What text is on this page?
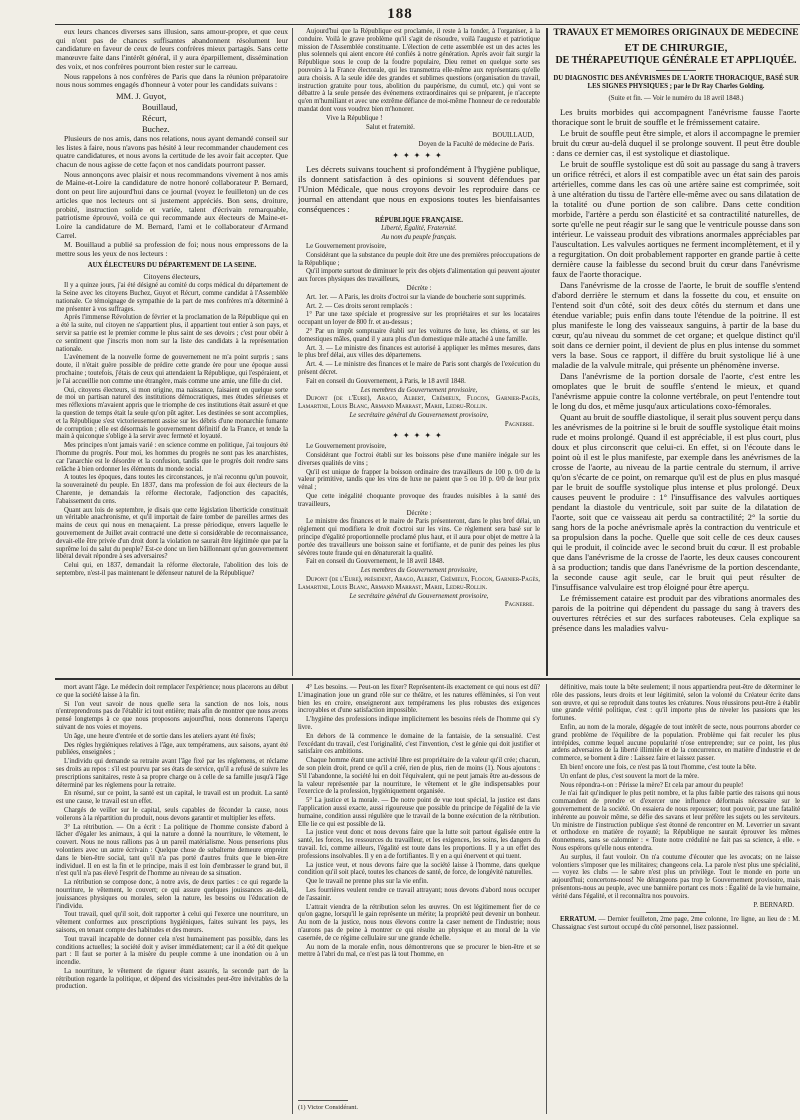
188

eux leurs chances diverses sans illusion, sans amour-propre, et que ceux qui n'ont pas de chances suffisantes abandonnent résolument leur candidature en faveur de ceux de leurs confrères mieux partagés. Sans cette manœuvre faite dans l'intérêt général, il y aura éparpillement, dissémination des voix, et nos confrères pourront bien rester sur le carreau.

Nous rappelons à nos confrères de Paris que dans la réunion préparatoire nous nous sommes engagés d'honneur à voter pour les candidats suivans :

MM. J. Guyot,

Bouillaud,

Récurt,

Buchez.

Plusieurs de nos amis, dans nos relations, nous ayant demandé conseil sur les listes à faire, nous n'avons pas hésité à leur recommander chaudement ces quatre candidatures, et nous avons la certitude de les avoir fait accepter. Que chacun de nous agisse de cette façon et nos candidats pourront passer.

Nous annonçons avec plaisir et nous recommandons vivement à nos amis de Maine-et-Loire la candidature de notre honoré collaborateur P. Bernard, dont on peut lire aujourd'hui dans ce journal (voyez le feuilleton) un de ces articles que nos lecteurs ont si justement appréciés. Bon sens, droiture, probité, instruction solide et variée, talent d'écrivain remarquable, patriotisme éprouvé, voilà ce qui recommande aux électeurs de Maine-et-Loire la candidature de M. Bernard, l'ami et le collaborateur d'Armand Carrel.

M. Bouillaud a publié sa profession de foi; nous nous empressons de la mettre sous les yeux de nos lecteurs :

AUX ÉLECTEURS DU DÉPARTEMENT DE LA SEINE.

Citoyens électeurs,

Il y a quinze jours, j'ai été désigné au comité du corps médical du département de la Seine avec les citoyens Buchez, Guyot et Récurt, comme candidat à l'Assemblée nationale. Ce témoignage de sympathie de la part de mes confrères m'a déterminé à me présenter à vos suffrages.

Après l'immense Révolution de février et la proclamation de la République qui en a été la suite, nul citoyen ne s'appartient plus, il appartient tout entier à son pays, et servir sa patrie est le premier comme le plus saint de ses devoirs ; c'est pour obéir à ce sentiment que j'inscris mon nom sur la liste des candidats à la représentation nationale.

L'avènement de la nouvelle forme de gouvernement ne m'a point surpris ; sans doute, il n'était guère possible de prédire cette grande ère pour une époque aussi prochaine ; toutefois, j'étais de ceux qui attendaient la République, qui l'espéraient, et je l'ai accueillie non comme une étrangère, mais comme une amie, une fille du ciel.

Oui, citoyens électeurs, si mon origine, ma naissance, faisaient en quelque sorte de moi un partisan naturel des institutions démocratiques, mes études sérieuses et mes réflexions m'avaient appris que le triomphe de ces institutions était assuré et que la question de temps était la seule qu'on pût agiter. Les destinées se sont accomplies, et la République s'est victorieusement assise sur les débris d'une monarchie fumante de corruption ; elle est désormais le gouvernement définitif de la France, et tende la main à quiconque s'oblige à la servir avec fermeté et loyauté.

Mes principes n'ont jamais varié : en science comme en politique, j'ai toujours été l'homme du progrès. Pour moi, les hommes du progrès ne sont pas les anarchistes, car l'anarchie est le désordre et la confusion, tandis que le progrès doit rendre sans relâche à bien ordonner les éléments du monde social.

A toutes les époques, dans toutes les circonstances, je n'ai reconnu qu'un pouvoir, la souveraineté du peuple. En 1837, dans ma profession de foi aux électeurs de la Charente, je demandais la réforme électorale, l'adjonction des capacités, l'abaissement du cens.

Quant aux lois de septembre, je disais que cette législation liberticide constituait un véritable anachronisme, et qu'il importait de faire tomber de pareilles armes des mains de ceux qui nous en menaçaient. La presse périodique, envers laquelle le gouvernement de Juillet avait contracté une dette si considérable de reconnaissance, devait-elle être privée d'un droit dont la violation ne saurait être légitimée que par la suprême loi du salut du peuple? Est-ce donc un lien bâillonnant qu'un gouvernement libéral devait répondre à ses adversaires?

Celui qui, en 1837, demandait la réforme électorale, l'abolition des lois de septembre, n'est-il pas maintenant le défenseur naturel de la République?

Aujourd'hui que la République est proclamée, il reste à la fonder, à l'organiser, à la conduire. Voilà le grave problème qu'il s'agit de résoudre, voilà l'auguste et patriotique mission de l'Assemblée constituante. L'élection de cette assemblée est un des actes les plus solennels qui aient encore été confiés à notre génération. Après avoir fait surgir la République sous le coup de la foudre populaire, Dieu remet en quelque sorte ses pouvoirs à la France électorale, qui les transmettra elle-même aux représentans qu'elle aura choisis. A la seule idée des grandes et sublimes questions (organisation du travail, instruction gratuite pour tous, abolition du paupérisme, du cumul, etc.) qui vont se débattre à la seule pensée des événemens extraordinaires qui se préparent, je n'accepte qu'en m'humiliant et avec une extrême défiance de moi-même l'honneur de ce redoutable mandat dont vous voudrez bien m'honorer.

Vive la République !

Salut et fraternité.

BOUILLAUD,

Doyen de la Faculté de médecine de Paris.

✦✦✦✦✦

Les décrets suivans touchent si profondément à l'hygiène publique, ils donnent satisfaction à des opinions si souvent défendues par l'Union Médicale, que nous croyons devoir les reproduire dans ce journal en attendant que nous en exposions toutes les bienfaisantes conséquences :

RÉPUBLIQUE FRANÇAISE.

Liberté, Égalité, Fraternité.

Au nom du peuple français.

Le Gouvernement provisoire,

Considérant que la substance du peuple doit être une des premières préoccupations de la République ;

Qu'il importe surtout de diminuer le prix des objets d'alimentation qui peuvent ajouter aux forces physiques des travailleurs,

Décrète :

Art. 1er. — A Paris, les droits d'octroi sur la viande de boucherie sont supprimés.

Art. 2. — Ces droits seront remplacés :

1° Par une taxe spéciale et progressive sur les propriétaires et sur les locataires occupant un loyer de 800 fr. et au-dessus ;

2° Par un impôt somptuaire établi sur les voitures de luxe, les chiens, et sur les domestiques mâles, quand il y aura plus d'un domestique mâle attaché à une famille.

Art. 3. — Le ministre des finances est autorisé à appliquer les mêmes mesures, dans le plus bref délai, aux villes des départemens.

Art. 4. — Le ministre des finances et le maire de Paris sont chargés de l'exécution du présent décret.

Fait en conseil du Gouvernement, à Paris, le 18 avril 1848.

Les membres du Gouvernement provisoire,

Dupont (de l'Eure), Arago, Albert, Crémieux, Flocon, Garnier-Pagès, Lamartine, Louis Blanc, Armand Marrast, Marie, Ledru-Rollin.

Le secrétaire général du Gouvernement provisoire,

Pagnerre.

✦✦✦✦✦

Le Gouvernement provisoire,

Considérant que l'octroi établi sur les boissons pèse d'une manière inégale sur les diverses qualités de vins ;

Qu'il est unique de frapper la boisson ordinaire des travailleurs de 100 p. 0/0 de la valeur primitive, tandis que les vins de luxe ne paient que 5 ou 10 p. 0/0 de leur prix vénal ;

Que cette inégalité choquante provoque des fraudes nuisibles à la santé des travailleurs,

Décrète :

Le ministre des finances et le maire de Paris présenteront, dans le plus bref délai, un règlement qui modifiera le droit d'octroi sur les vins. Ce règlement sera basé sur le principe d'égalité proportionnelle proclamé plus haut, et il aura pour objet de mettre à la portée des travailleurs une boisson saine et fortifiante, et de punir des peines les plus sévères toute fraude qui en dénaturerait la qualité.

Fait en conseil du Gouvernement, le 18 avril 1848.

Les membres du Gouvernement provisoire,

Dupont (de l'Eure), président, Arago, Albert, Crémieux, Flocon, Garnier-Pagès, Lamartine, Louis Blanc, Armand Marrast, Marie, Ledru-Rollin.

Le secrétaire général du Gouvernement provisoire,

Pagnerre.

TRAVAUX ET MÉMOIRES ORIGINAUX DE MÉDECINE
ET DE CHIRURGIE,
DE THÉRAPEUTIQUE GÉNÉRALE ET APPLIQUÉE.
DU DIAGNOSTIC DES ANÉVRISMES DE L'AORTE THORACIQUE, BASÉ SUR LES SIGNES PHYSIQUES ; par le Dr Ray Charles Golding.
(Suite et fin. — Voir le numéro du 18 avril 1848.)

Les bruits morbides qui accompagnent l'anévrisme fausse l'aorte thoracique sont le bruit de souffle et le frémissement cataire.

Le bruit de souffle peut être simple, et alors il accompagne le premier bruit du cœur au-delà duquel il se prolonge souvent. Il peut être double : dans ce dernier cas, il est systolique et diastolique.

Le bruit de souffle systolique est dû soit au passage du sang à travers un orifice rétréci, et alors il est compatible avec un état sain des parois artérielles, comme dans les cas où une artère saine est comprimée, soit à une altération du tissu de l'artère elle-même avec ou sans dilatation de la totalité ou d'une portion de son calibre. Dans cette condition morbide, l'artère a perdu son élasticité et sa contractilité naturelles, de sorte qu'elle ne peut réagir sur le sang que le ventricule pousse dans son intérieur. Le vaisseau produit des vibrations anormales appréciables par l'auscultation. Les valvules aortiques ne ferment incomplètement, et il y a regurgitation. On doit probablement rapporter en grande partie à cette dernière cause la faiblesse du second bruit du cœur dans l'anévrisme faux de l'aorte thoracique.

Dans l'anévrisme de la crosse de l'aorte, le bruit de souffle s'entend d'abord derrière le sternum et dans la fossette du cou, et ensuite on l'entend soit d'un côté, soit des deux côtés du sternum et dans une étendue variable; puis enfin dans toute l'étendue de la poitrine. Il est plus manifeste le long des vaisseaux sanguins, à partir de la base du cœur, qu'au niveau du sommet de cet organe; et quelque distinct qu'il soit dans ce dernier point, il devient de plus en plus intense du sommet vers la base. Sous ce rapport, il diffère du bruit systolique lié à une maladie de la valvule mitrale, qui présente un phénomène inverse.

Dans l'anévrisme de la portion dorsale de l'aorte, c'est entre les omoplates que le bruit de souffle s'entend le mieux, et quand l'anévrisme appuie contre la colonne vertébrale, on peut l'entendre tout le long du dos, et même jusqu'aux articulations coxo-fémorales.

Quant au bruit de souffle diastolique, il serait plus souvent perçu dans les anévrismes de la poitrine si le bruit de souffle systolique était moins rude et moins prolongé. Quand il est appréciable, il est plus court, plus doux et plus circonscrit que celui-ci. En effet, si on l'écoute dans le point où il est le plus manifeste, par exemple dans les anévrismes de la crosse de l'aorte, au niveau de la partie centrale du sternum, il arrive qu'on s'écarte de ce point, on remarque qu'il est de plus en plus masqué par le bruit de souffle systolique plus intense et plus prolongé. Deux causes peuvent le produire : 1° l'insuffisance des valvules aortiques pendant la diastole du ventricule, soit par suite de la dilatation de l'aorte, soit que ce vaisseau ait perdu sa contractilité; 2° la sortie du sang hors de la poche anévrismale après la contraction du ventricule et sa propulsion dans la poche. Quelle que soit celle de ces deux causes qui le produit, il coïncide avec le second bruit du cœur. Il est probable que dans l'anévrisme de la crosse de l'aorte, les deux causes concourent à sa production; tandis que dans l'anévrisme de la portion descendante, la seconde cause agit seule, car le bruit qui peut résulter de l'insuffisance valvulaire est trop éloigné pour être aperçu.

Le frémissement cataire est produit par des vibrations anormales des parois de la poitrine qui dépendent du passage du sang à travers des ouvertures rétrécies et sur des surfaces raboteuses. Cela explique sa présence dans les maladies valvu-

mort avant l'âge. Le médecin doit remplacer l'expérience; nous placerons au début ce que la société laisse à la fin.

Si l'on veut savoir de nous quelle sera la sanction de nos lois, nous n'entreprendrons pas de l'établir ici tout entière; mais afin de montrer que nous avons pensé longtemps à ce que nous proposons aujourd'hui, nous donnerons l'aperçu suivant de nos voies et moyens.

Un âge, une heure d'entrée et de sortie dans les ateliers ayant été fixés;

Des règles hygiéniques relatives à l'âge, aux tempéramens, aux saisons, ayant été publiées, enseignées ;

L'individu qui demande sa retraite avant l'âge fixé par les réglemens, et réclame ses droits au repos : s'il est pourvu par ses états de service, qu'il a refusé de suivre les prescriptions sanitaires, reste à sa propre charge ou à celle de sa famille jusqu'à l'âge déterminé par les réglemens pour la retraite.

En résumé, sur ce point, la santé est un capital, le travail est un produit. La santé est une cause, le travail est un effet.

Chargés de veiller sur le capital, seuls capables de féconder la cause, nous voilerons à la répartition du produit, nous devons garantir et multiplier les effets.

3° La rétribution. — On a écrit : La politique de l'homme consiste d'abord à lâcher d'égaler les animaux, à qui la nature a donné la nourriture, le vêtement, le couvert. Nous ne nous rallions pas à un pareil matérialisme. Nous penserions plus volontiers avec un autre écrivain : Quelque chose de subalterne demeure empreint dans le bien-être social, tant qu'il n'a pas porté d'autres fruits que le bien-être individuel. Il en est la fin et le principe, mais il est loin d'embrasser le grand but, il n'est qu'il n'a pas élevé l'esprit de l'homme au niveau de sa situation.

La rétribution se compose donc, à notre avis, de deux parties : ce qui regarde la nourriture, le vêtement, le couvert; ce qui assure quelques jouissances au-delà, jouissances physiques ou morales, selon la nature, les besoins ou l'éducation de l'individu.

Tout travail, quel qu'il soit, doit rapporter à celui qui l'exerce une nourriture, un vêtement conformes aux prescriptions hygiéniques, faites suivant les pays, les saisons, en tenant compte des habitudes et des mœurs.

Tout travail incapable de donner cela n'est humainement pas possible, dans les conditions actuelles; la société doit y aviser immédiatement; car il a été dit quelque part : Il faut se porter à la misère du peuple comme à une inondation ou à un incendie.

La nourriture, le vêtement de rigueur étant assurés, la seconde part de la rétribution regarde la politique, et dépend des vicissitudes peut-être inévitables de la production.

4° Les besoins. — Peut-on les fixer? Représentent-ils exactement ce qui nous est dû? L'imagination joue un grand rôle sur ce théâtre, et les natures efféminées, si l'on veut bien les en croire, enseigneront aux tempéramens les plus robustes des exigences incroyables et d'une satisfaction impossible.

L'hygiène des professions indique implicitement les besoins réels de l'homme qui s'y livre.

En dehors de là commence le domaine de la fantaisie, de la sensualité. C'est l'excédant du travail, c'est l'originalité, c'est l'invention, c'est le génie qui doit justifier et satisfaire ces ambitions.

Chaque homme étant une activité libre est propriétaire de la valeur qu'il crée; chacun, de son plein droit, prend ce qu'il a créé, rien de plus, rien de moins (1). Nous ajoutons : S'il l'abandonne, la société lui en doit l'équivalent, qui ne peut jamais être au-dessous de la valeur représentée par la nourriture, le vêtement et le gîte indispensables pour l'exercice de la profession, hygiéniquement organisée.

5° La justice et la morale. — De notre point de vue tout spécial, la justice est dans l'application aussi exacte, aussi rigoureuse que possible du principe de l'égalité de la vie humaine, condition aussi régulière que le travail de la bonne exécution de la rétribution. Elle lie ce qui est possible de là.

La justice veut donc et nous devons faire que la lutte soit partout égalisée entre la santé, les forces, les ressources du travailleur, et les exigences, les soins, les dangers du travail. Ici, comme ailleurs, l'égalité est toute dans les proportions. Il y a un effet des professions insolvables. Il y en a de fortifiantes. Il y en a qui énervent et qui tuent.

La justice veut, et nous devons faire que la société laisse à l'homme, dans quelque condition qu'il soit placé, toutes les chances de santé, de force, de longévité naturelles.

Que le travail ne prenne plus sur la vie enfin.

Les fourrières veulent rendre ce travail attrayant; nous devons d'abord nous occuper de l'assainir.

L'attrait viendra de la rétribution selon les œuvres. On est légitimement fier de ce qu'on gagne, lorsqu'il le gain représente un mérite; la propriété peut devenir un bonheur. Au nom de la justice, nous nous élevons contre la caser nement de l'industrie; nous n'aurons pas de peine à montrer ce qui résulte au physique et au moral de la vie casernée, de ce régime cellulaire sur une grande échelle.

Au nom de la morale enfin, nous démontrerons que se procurer le bien-être et se mettre à l'abri du mal, ce n'est pas là tout l'homme, en

(1) Victor Considérant.

définitive, mais toute la bête seulement; il nous appartiendra peut-être de déterminer le rôle des passions, leurs droits et leur légitimité, selon la volonté du Créateur écrite dans son œuvre, et qui se reproduit dans toutes les créatures. Nous réussirons peut-être à établir une grande vérité politique, c'est : qu'il importe plus de niveler les passions que les fortunes.

Enfin, au nom de la morale, dégagée de tout intérêt de secte, nous pourrons aborder ce grand problème de l'équilibre de la population. Problème qui fait reculer les plus intrépides, comme lequel aucune popularité n'ose entreprendre; sur ce point, les plus ardens adversaires de la liberté illimitée et de la concurrence, en matière d'industrie et de commerce, se bornent à dire : Laissez faire et laissez passer.

Eh bien! encore une fois, ce n'est pas là tout l'homme, c'est toute la bête.

Un enfant de plus, c'est souvent la mort de la mère.

Nous répondra-t-on : Périsse la mère? Et cela par amour du peuple!

Je n'ai fait qu'indiquer le plus petit nombre, et la plus faible partie des raisons qui nous commandent de prendre et d'exercer une influence déformais nécessaire sur le gouvernement de la société. On essaiera de nous repousser; tout pouvoir, par une fatalité inhérente au pouvoir même, se défie des savans et leur préfère les sujets ou les serviteurs. Un ministre de l'instruction publique s'est étonné de rencontrer en M. Leverrier un savant et orthodoxe en matière de royauté; la République ne saurait éprouver les mêmes étonnemens, sans se calomnier : « Toute notre crédulité ne fait pas sa science, à elle. » Nous espérons qu'elle nous entendra.

Au surplus, il faut vouloir. On n'a coutume d'écouter que les avocats; on ne laisse volontiers s'imposer que les militaires; changeons cela. La parole n'est plus une spécialité, — voyez les clubs — le sabre n'est plus un privilège. Tout le monde en porte un aujourd'hui; concertons-nous! Ne dérangeons pas trop le Gouvernement provisoire, mais présentons-nous au peuple, avec une bannière portant ces mots : Égalité de la vie humaine, vérité dans l'égalité, et il reconnaîtra nos pouvoirs.

P. BERNARD.

ERRATUM. — Dernier feuilleton, 2me page, 2me colonne, 1re ligne, au lieu de : M. Chassaignac s'est surtout occupé du côté personnel, lisez passionnel.
